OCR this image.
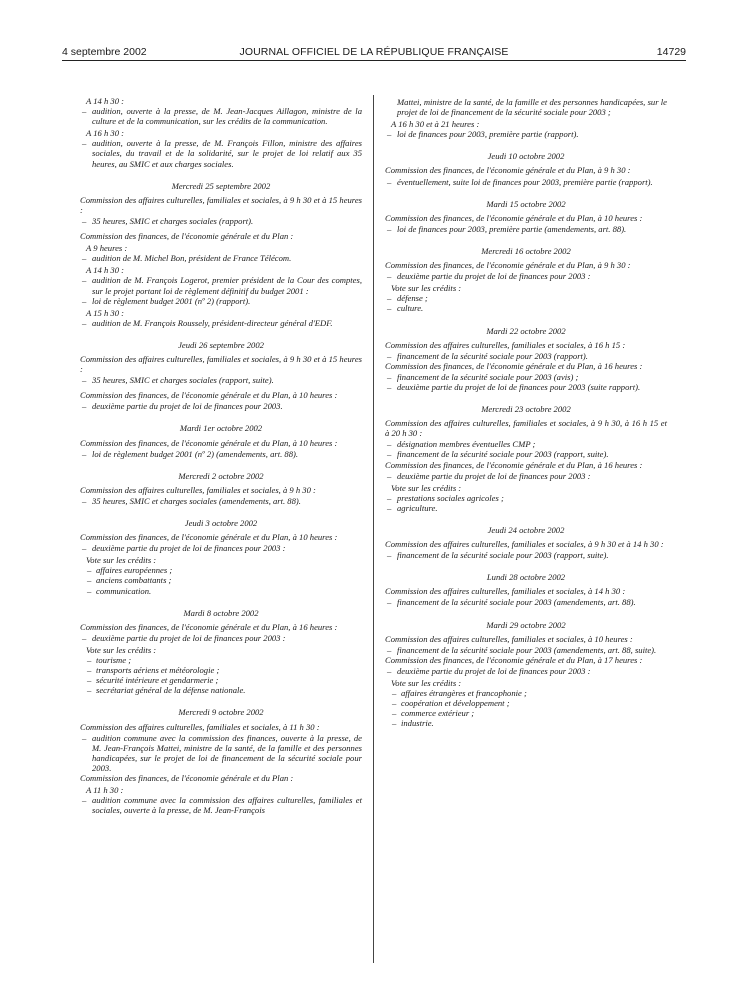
4 septembre 2002	JOURNAL OFFICIEL DE LA RÉPUBLIQUE FRANÇAISE	14729

A 14 h 30 :

– audition, ouverte à la presse, de M. Jean-Jacques Aillagon, ministre de la culture et de la communication, sur les crédits de la communication.

A 16 h 30 :

– audition, ouverte à la presse, de M. François Fillon, ministre des affaires sociales, du travail et de la solidarité, sur le projet de loi relatif aux 35 heures, au SMIC et aux charges sociales.

Mercredi 25 septembre 2002

Commission des affaires culturelles, familiales et sociales, à 9 h 30 et à 15 heures :

– 35 heures, SMIC et charges sociales (rapport).

Commission des finances, de l'économie générale et du Plan :

A 9 heures :

– audition de M. Michel Bon, président de France Télécom.

A 14 h 30 :

– audition de M. François Logerot, premier président de la Cour des comptes, sur le projet portant loi de règlement définitif du budget 2001 :

– loi de règlement budget 2001 (nº 2) (rapport).

A 15 h 30 :

– audition de M. François Roussely, président-directeur général d'EDF.

Jeudi 26 septembre 2002

Commission des affaires culturelles, familiales et sociales, à 9 h 30 et à 15 heures :

– 35 heures, SMIC et charges sociales (rapport, suite).

Commission des finances, de l'économie générale et du Plan, à 10 heures :

– deuxième partie du projet de loi de finances pour 2003.

Mardi 1er octobre 2002

Commission des finances, de l'économie générale et du Plan, à 10 heures :

– loi de règlement budget 2001 (nº 2) (amendements, art. 88).

Mercredi 2 octobre 2002

Commission des affaires culturelles, familiales et sociales, à 9 h 30 :

– 35 heures, SMIC et charges sociales (amendements, art. 88).

Jeudi 3 octobre 2002

Commission des finances, de l'économie générale et du Plan, à 10 heures :

– deuxième partie du projet de loi de finances pour 2003 :

Vote sur les crédits :

– affaires européennes ;

– anciens combattants ;

– communication.

Mardi 8 octobre 2002

Commission des finances, de l'économie générale et du Plan, à 16 heures :

– deuxième partie du projet de loi de finances pour 2003 :

Vote sur les crédits :

– tourisme ;

– transports aériens et météorologie ;

– sécurité intérieure et gendarmerie ;

– secrétariat général de la défense nationale.

Mercredi 9 octobre 2002

Commission des affaires culturelles, familiales et sociales, à 11 h 30 :

– audition commune avec la commission des finances, ouverte à la presse, de M. Jean-François Mattei, ministre de la santé, de la famille et des personnes handicapées, sur le projet de loi de financement de la sécurité sociale pour 2003.

Commission des finances, de l'économie générale et du Plan :

A 11 h 30 :

– audition commune avec la commission des affaires culturelles, familiales et sociales, ouverte à la presse, de M. Jean-François

Mattei, ministre de la santé, de la famille et des personnes handicapées, sur le projet de loi de financement de la sécurité sociale pour 2003 ;

A 16 h 30 et à 21 heures :

– loi de finances pour 2003, première partie (rapport).

Jeudi 10 octobre 2002

Commission des finances, de l'économie générale et du Plan, à 9 h 30 :

– éventuellement, suite loi de finances pour 2003, première partie (rapport).

Mardi 15 octobre 2002

Commission des finances, de l'économie générale et du Plan, à 10 heures :

– loi de finances pour 2003, première partie (amendements, art. 88).

Mercredi 16 octobre 2002

Commission des finances, de l'économie générale et du Plan, à 9 h 30 :

– deuxième partie du projet de loi de finances pour 2003 :

Vote sur les crédits :

– défense ;

– culture.

Mardi 22 octobre 2002

Commission des affaires culturelles, familiales et sociales, à 16 h 15 :

– financement de la sécurité sociale pour 2003 (rapport).

Commission des finances, de l'économie générale et du Plan, à 16 heures :

– financement de la sécurité sociale pour 2003 (avis) ;

– deuxième partie du projet de loi de finances pour 2003 (suite rapport).

Mercredi 23 octobre 2002

Commission des affaires culturelles, familiales et sociales, à 9 h 30, à 16 h 15 et à 20 h 30 :

– désignation membres éventuelles CMP ;

– financement de la sécurité sociale pour 2003 (rapport, suite).

Commission des finances, de l'économie générale et du Plan, à 16 heures :

– deuxième partie du projet de loi de finances pour 2003 :

Vote sur les crédits :

– prestations sociales agricoles ;

– agriculture.

Jeudi 24 octobre 2002

Commission des affaires culturelles, familiales et sociales, à 9 h 30 et à 14 h 30 :

– financement de la sécurité sociale pour 2003 (rapport, suite).

Lundi 28 octobre 2002

Commission des affaires culturelles, familiales et sociales, à 14 h 30 :

– financement de la sécurité sociale pour 2003 (amendements, art. 88).

Mardi 29 octobre 2002

Commission des affaires culturelles, familiales et sociales, à 10 heures :

– financement de la sécurité sociale pour 2003 (amendements, art. 88, suite).

Commission des finances, de l'économie générale et du Plan, à 17 heures :

– deuxième partie du projet de loi de finances pour 2003 :

Vote sur les crédits :

– affaires étrangères et francophonie ;

– coopération et développement ;

– commerce extérieur ;

– industrie.
